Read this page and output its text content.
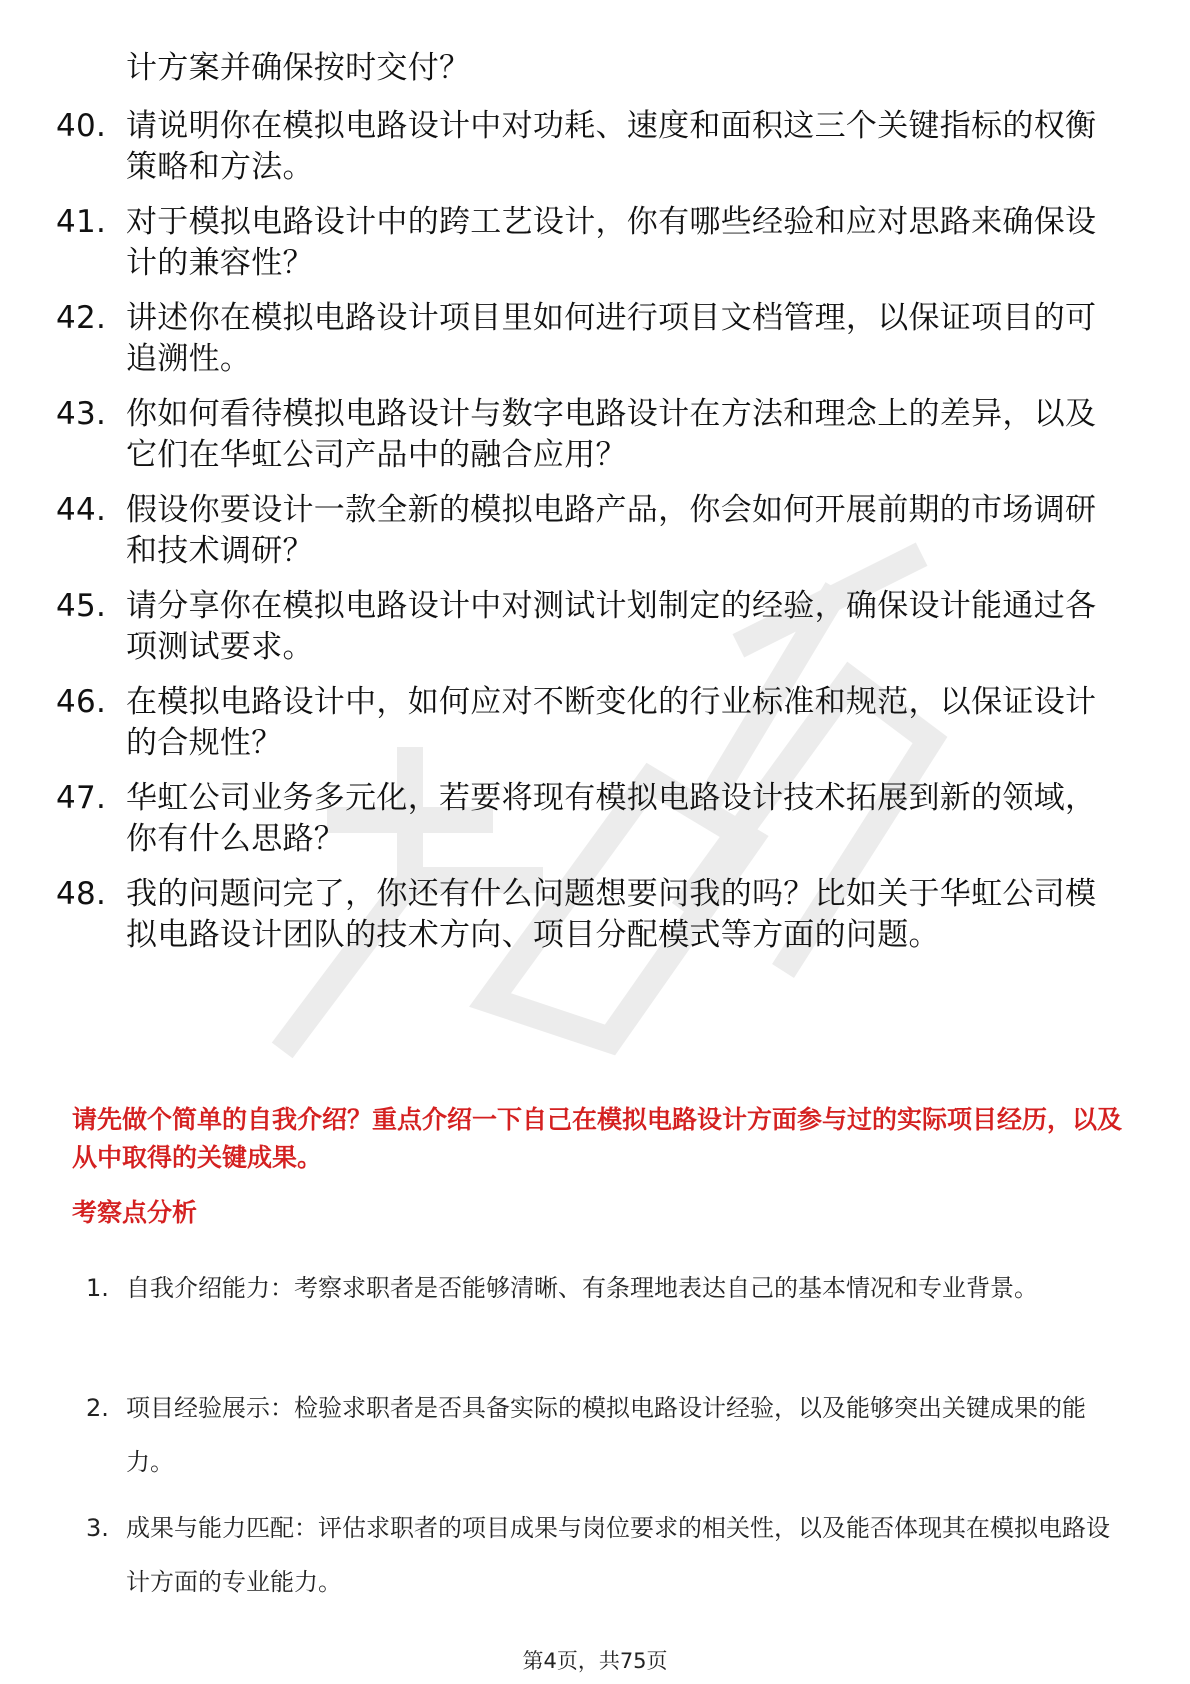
计方案并确保按时交付？
40. 请说明你在模拟电路设计中对功耗、速度和面积这三个关键指标的权衡策略和方法。
41. 对于模拟电路设计中的跨工艺设计，你有哪些经验和应对思路来确保设计的兼容性？
42. 讲述你在模拟电路设计项目里如何进行项目文档管理，以保证项目的可追溯性。
43. 你如何看待模拟电路设计与数字电路设计在方法和理念上的差异，以及它们在华虹公司产品中的融合应用？
44. 假设你要设计一款全新的模拟电路产品，你会如何开展前期的市场调研和技术调研？
45. 请分享你在模拟电路设计中对测试计划制定的经验，确保设计能通过各项测试要求。
46. 在模拟电路设计中，如何应对不断变化的行业标准和规范，以保证设计的合规性？
47. 华虹公司业务多元化，若要将现有模拟电路设计技术拓展到新的领域，你有什么思路？
48. 我的问题问完了，你还有什么问题想要问我的吗？比如关于华虹公司模拟电路设计团队的技术方向、项目分配模式等方面的问题。
请先做个简单的自我介绍？重点介绍一下自己在模拟电路设计方面参与过的实际项目经历，以及从中取得的关键成果。
考察点分析
1. 自我介绍能力：考察求职者是否能够清晰、有条理地表达自己的基本情况和专业背景。
2. 项目经验展示：检验求职者是否具备实际的模拟电路设计经验，以及能够突出关键成果的能力。
3. 成果与能力匹配：评估求职者的项目成果与岗位要求的相关性，以及能否体现其在模拟电路设计方面的专业能力。
第4页，共75页
